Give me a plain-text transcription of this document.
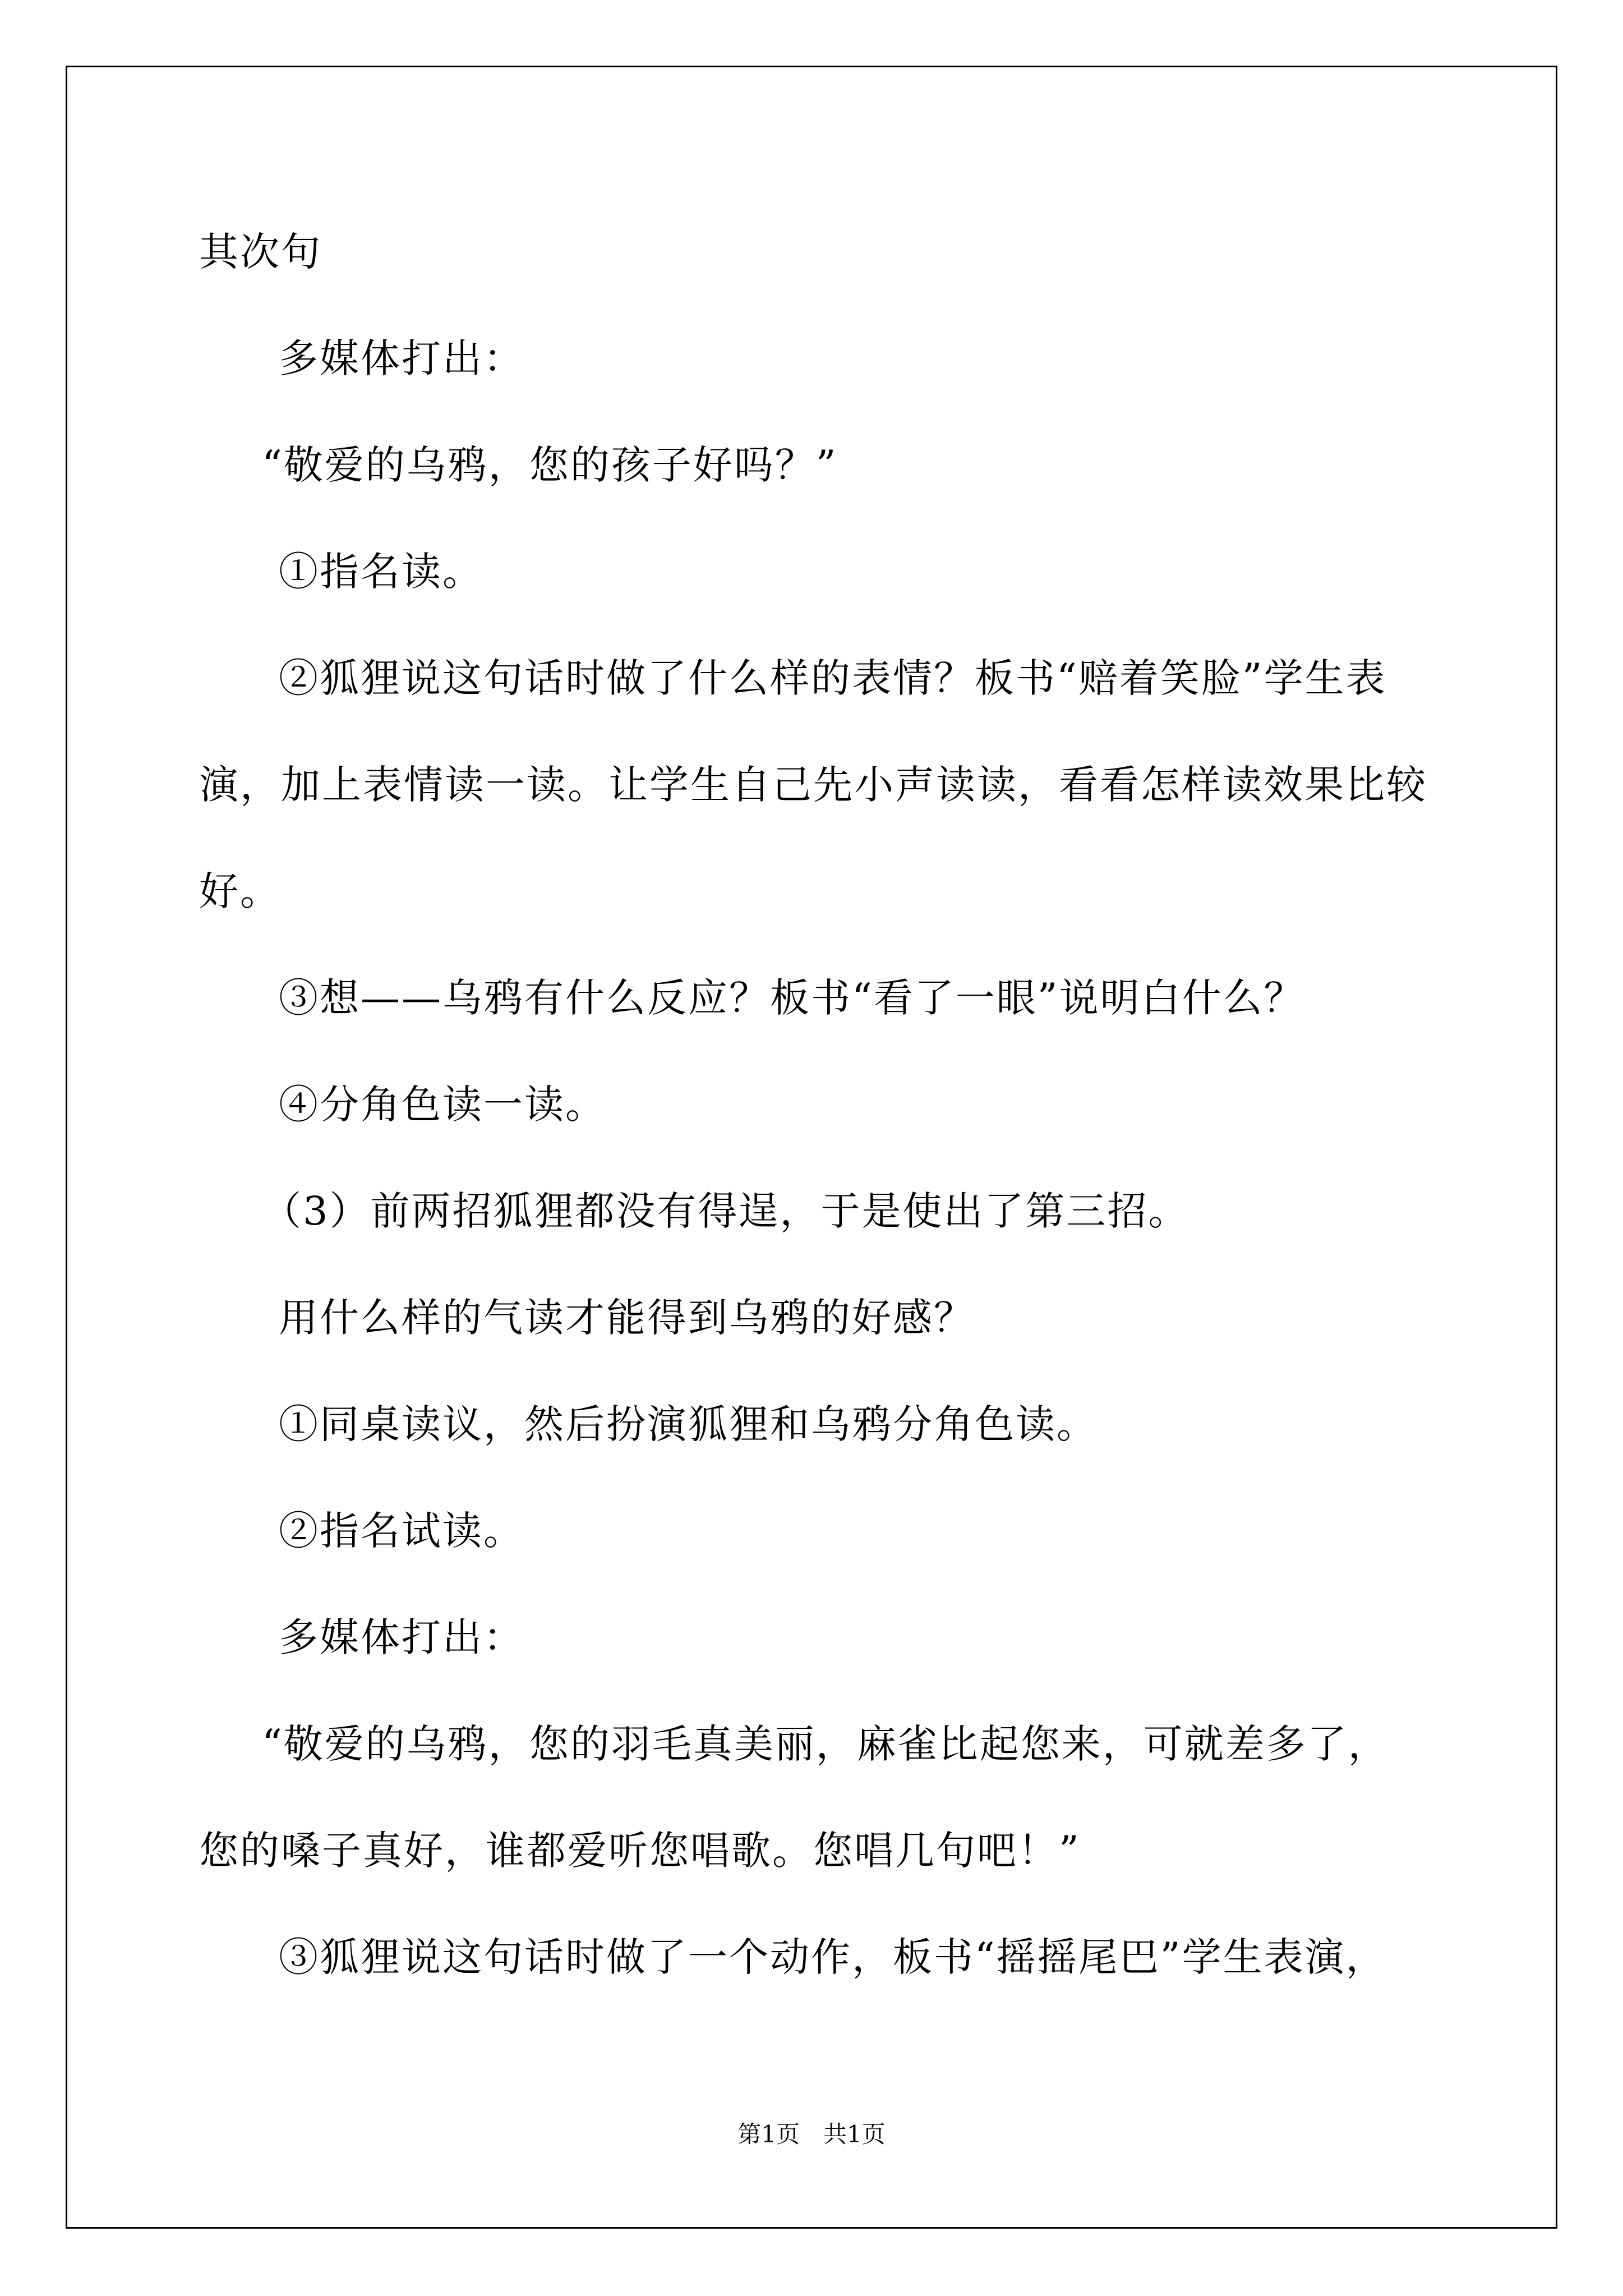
其次句
多媒体打出：
“敬爱的乌鸦，您的孩子好吗？”
①指名读。
②狐狸说这句话时做了什么样的表情？板书“赔着笑脸”学生表
演，加上表情读一读。让学生自己先小声读读，看看怎样读效果比较
好。
③想——乌鸦有什么反应？板书“看了一眼”说明白什么？
④分角色读一读。
（3）前两招狐狸都没有得逞，于是使出了第三招。
用什么样的气读才能得到乌鸦的好感？
①同桌读议，然后扮演狐狸和乌鸦分角色读。
②指名试读。
多媒体打出：
“敬爱的乌鸦，您的羽毛真美丽，麻雀比起您来，可就差多了，
您的嗓子真好，谁都爱听您唱歌。您唱几句吧！”
③狐狸说这句话时做了一个动作，板书“摇摇尾巴”学生表演，
第1页　共1页
